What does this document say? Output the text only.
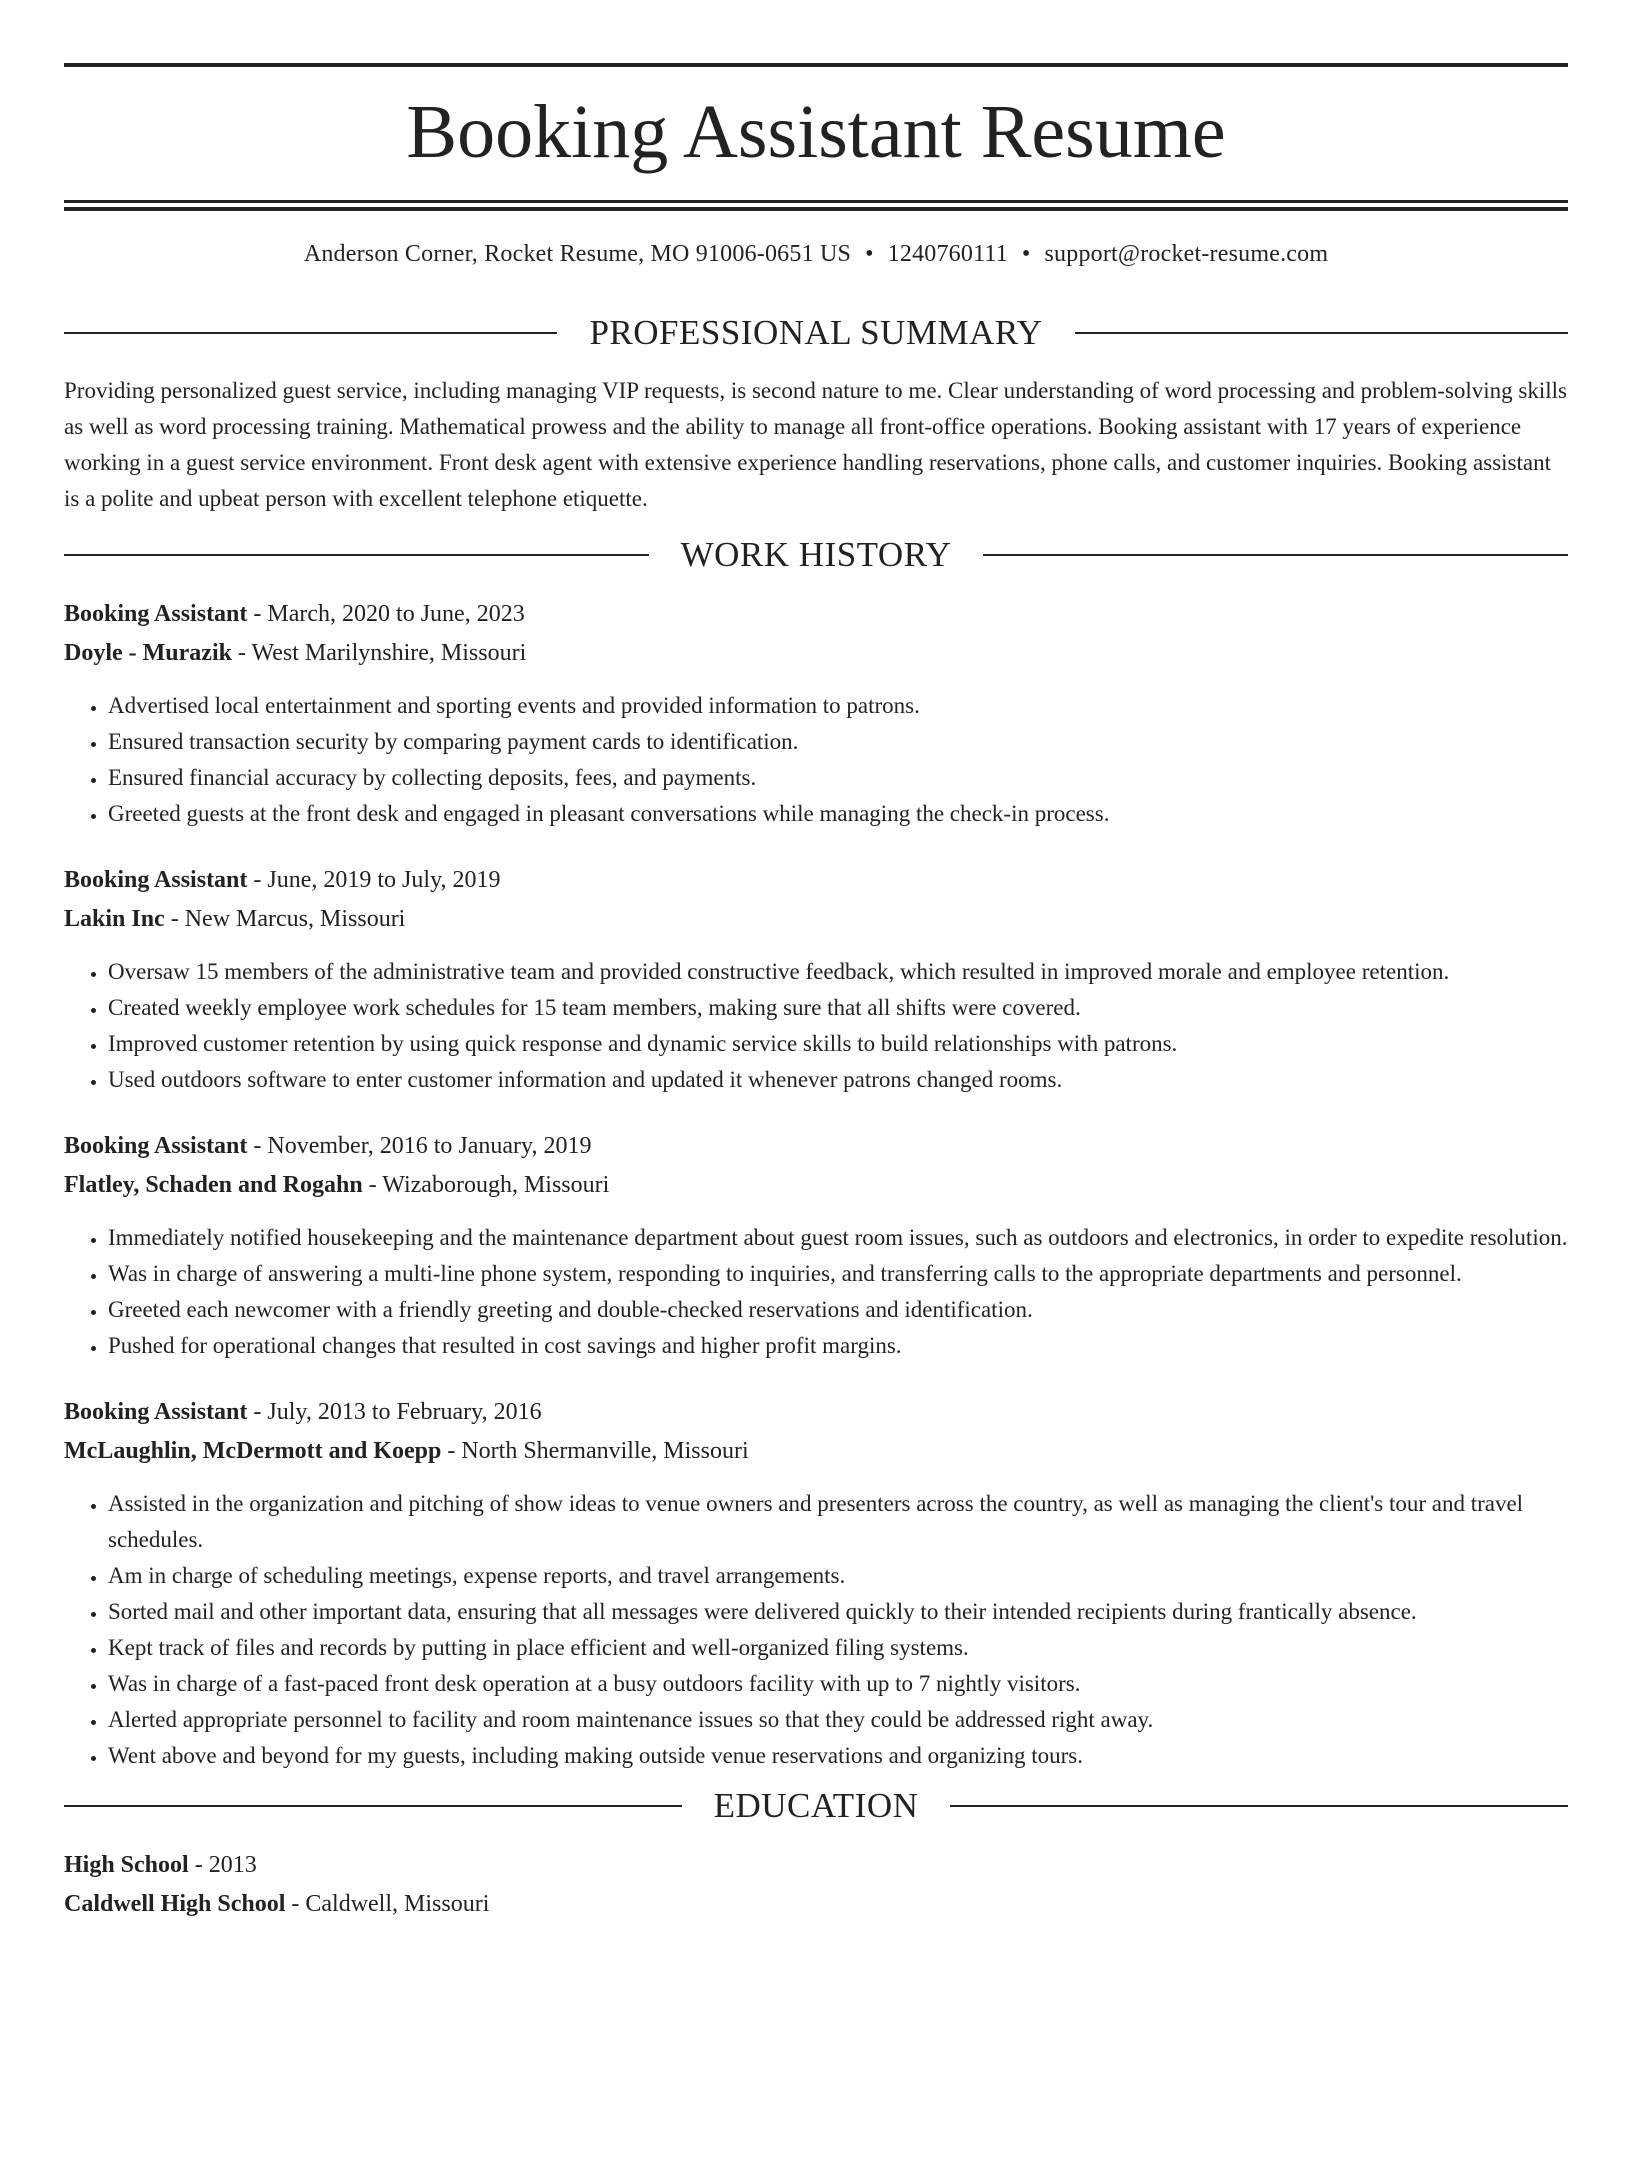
Booking Assistant Resume
Anderson Corner, Rocket Resume, MO 91006-0651 US • 1240760111 • support@rocket-resume.com
PROFESSIONAL SUMMARY

Providing personalized guest service, including managing VIP requests, is second nature to me. Clear understanding of word processing and problem-solving skills as well as word processing training. Mathematical prowess and the ability to manage all front-office operations. Booking assistant with 17 years of experience working in a guest service environment. Front desk agent with extensive experience handling reservations, phone calls, and customer inquiries. Booking assistant is a polite and upbeat person with excellent telephone etiquette.

WORK HISTORY

Booking Assistant - March, 2020 to June, 2023

Doyle - Murazik - West Marilynshire, Missouri

• Advertised local entertainment and sporting events and provided information to patrons.
• Ensured transaction security by comparing payment cards to identification.
• Ensured financial accuracy by collecting deposits, fees, and payments.
• Greeted guests at the front desk and engaged in pleasant conversations while managing the check-in process.

Booking Assistant - June, 2019 to July, 2019

Lakin Inc - New Marcus, Missouri

• Oversaw 15 members of the administrative team and provided constructive feedback, which resulted in improved morale and employee retention.
• Created weekly employee work schedules for 15 team members, making sure that all shifts were covered.
• Improved customer retention by using quick response and dynamic service skills to build relationships with patrons.
• Used outdoors software to enter customer information and updated it whenever patrons changed rooms.

Booking Assistant - November, 2016 to January, 2019

Flatley, Schaden and Rogahn - Wizaborough, Missouri

• Immediately notified housekeeping and the maintenance department about guest room issues, such as outdoors and electronics, in order to expedite resolution.
• Was in charge of answering a multi-line phone system, responding to inquiries, and transferring calls to the appropriate departments and personnel.
• Greeted each newcomer with a friendly greeting and double-checked reservations and identification.
• Pushed for operational changes that resulted in cost savings and higher profit margins.

Booking Assistant - July, 2013 to February, 2016

McLaughlin, McDermott and Koepp - North Shermanville, Missouri

• Assisted in the organization and pitching of show ideas to venue owners and presenters across the country, as well as managing the client's tour and travel schedules.
• Am in charge of scheduling meetings, expense reports, and travel arrangements.
• Sorted mail and other important data, ensuring that all messages were delivered quickly to their intended recipients during frantically absence.
• Kept track of files and records by putting in place efficient and well-organized filing systems.
• Was in charge of a fast-paced front desk operation at a busy outdoors facility with up to 7 nightly visitors.
• Alerted appropriate personnel to facility and room maintenance issues so that they could be addressed right away.
• Went above and beyond for my guests, including making outside venue reservations and organizing tours.
EDUCATION

High School - 2013

Caldwell High School - Caldwell, Missouri
